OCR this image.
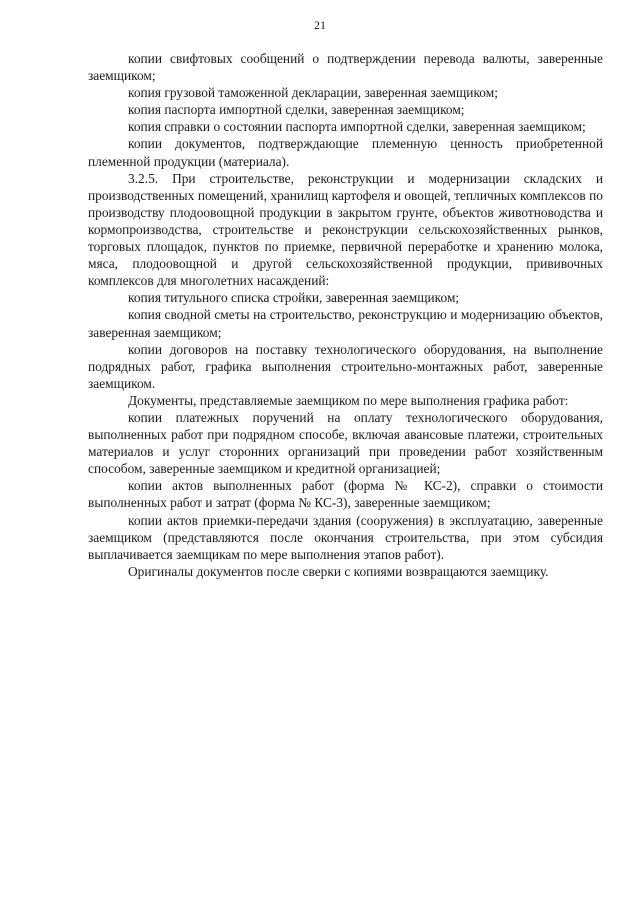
21

копии свифтовых сообщений о подтверждении перевода валюты, заверенные заемщиком;

копия грузовой таможенной декларации, заверенная заемщиком;

копия паспорта импортной сделки, заверенная заемщиком;

копия справки о состоянии паспорта импортной сделки, заверенная заемщиком;

копии документов, подтверждающие племенную ценность приобретенной племенной продукции (материала).

3.2.5. При строительстве, реконструкции и модернизации складских и производственных помещений, хранилищ картофеля и овощей, тепличных комплексов по производству плодоовощной продукции в закрытом грунте, объектов животноводства и кормопроизводства, строительстве и реконструкции сельскохозяйственных рынков, торговых площадок, пунктов по приемке, первичной переработке и хранению молока, мяса, плодоовощной и другой сельскохозяйственной продукции, прививочных комплексов для многолетних насаждений:

копия титульного списка стройки, заверенная заемщиком;

копия сводной сметы на строительство, реконструкцию и модернизацию объектов, заверенная заемщиком;

копии договоров на поставку технологического оборудования, на выполнение подрядных работ, графика выполнения строительно-монтажных работ, заверенные заемщиком.

Документы, представляемые заемщиком по мере выполнения графика работ:

копии платежных поручений на оплату технологического оборудования, выполненных работ при подрядном способе, включая авансовые платежи, строительных материалов и услуг сторонних организаций при проведении работ хозяйственным способом, заверенные заемщиком и кредитной организацией;

копии актов выполненных работ (форма № КС-2), справки о стоимости выполненных работ и затрат (форма № КС-3), заверенные заемщиком;

копии актов приемки-передачи здания (сооружения) в эксплуатацию, заверенные заемщиком (представляются после окончания строительства, при этом субсидия выплачивается заемщикам по мере выполнения этапов работ).

Оригиналы документов после сверки с копиями возвращаются заемщику.
